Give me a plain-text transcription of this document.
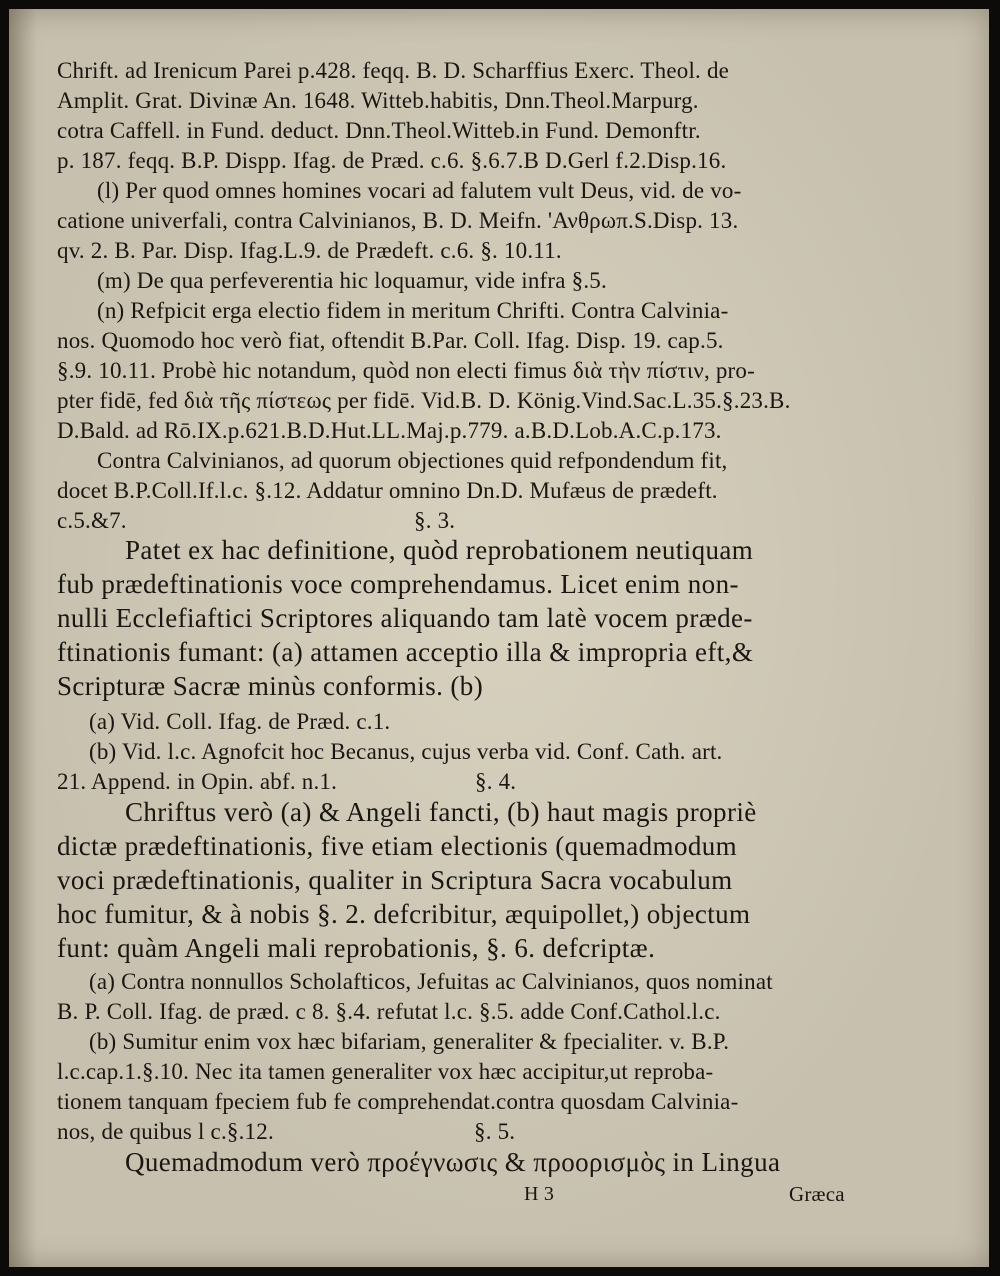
Chrift. ad Irenicum Parei p.428. feqq. B. D. Scharffius Exerc. Theol. de
Amplit. Grat. Divinæ An. 1648. Witteb.habitis, Dnn.Theol.Marpurg.
cotra Caffell. in Fund. deduct. Dnn.Theol.Witteb.in Fund. Demonftr.
p. 187. feqq. B.P. Dispp. Ifag. de Præd. c.6. §.6.7.B D.Gerl f.2.Disp.16.
(l) Per quod omnes homines vocari ad falutem vult Deus, vid. de vo-
catione univerfali, contra Calvinianos, B. D. Meifn. 'Ανθρωπ.S.Disp. 13.
qv. 2. B. Par. Disp. Ifag.L.9. de Prædeft. c.6. §. 10.11.
(m) De qua perfeverentia hic loquamur, vide infra §.5.
(n) Refpicit erga electio fidem in meritum Chrifti. Contra Calvinia-
nos. Quomodo hoc verò fiat, oftendit B.Par. Coll. Ifag. Disp. 19. cap.5.
§.9. 10.11. Probè hic notandum, quòd non electi fimus διὰ τὴν πίστιν, pro-
pter fidē, fed διὰ τῆς πίστεως per fidē. Vid.B. D. König.Vind.Sac.L.35.§.23.B.
D.Bald. ad Rō.IX.p.621.B.D.Hut.LL.Maj.p.779. a.B.D.Lob.A.C.p.173.
Contra Calvinianos, ad quorum objectiones quid refpondendum fit,
docet B.P.Coll.If.l.c. §.12. Addatur omnino Dn.D. Mufæus de prædeft.
c.5.&7.	§. 3.
Patet ex hac definitione, quòd reprobationem neutiquam
fub prædeftinationis voce comprehendamus. Licet enim non-
nulli Ecclefiaftici Scriptores aliquando tam latè vocem præde-
ftinationis fumant: (a) attamen acceptio illa & impropria eft,&
Scripturæ Sacræ minùs conformis. (b)
(a) Vid. Coll. Ifag. de Præd. c.1.
(b) Vid. l.c. Agnofcit hoc Becanus, cujus verba vid. Conf. Cath. art.
21. Append. in Opin. abf. n.1.	§. 4.
Chriftus verò (a) & Angeli fancti, (b) haut magis propriè
dictæ prædeftinationis, five etiam electionis (quemadmodum
voci prædeftinationis, qualiter in Scriptura Sacra vocabulum
hoc fumitur, & à nobis §. 2. defcribitur, æquipollet,) objectum
funt: quàm Angeli mali reprobationis, §. 6. defcriptæ.
(a) Contra nonnullos Scholafticos, Jefuitas ac Calvinianos, quos nominat
B. P. Coll. Ifag. de præd. c 8. §.4. refutat l.c. §.5. adde Conf.Cathol.l.c.
(b) Sumitur enim vox hæc bifariam, generaliter & fpecialiter. v. B.P.
l.c.cap.1.§.10. Nec ita tamen generaliter vox hæc accipitur,ut reproba-
tionem tanquam fpeciem fub fe comprehendat.contra quosdam Calvinia-
nos, de quibus l c.§.12.	§. 5.
Quemadmodum verò προέγνωσις & προορισμὸς in Lingua
H 3	Græca
